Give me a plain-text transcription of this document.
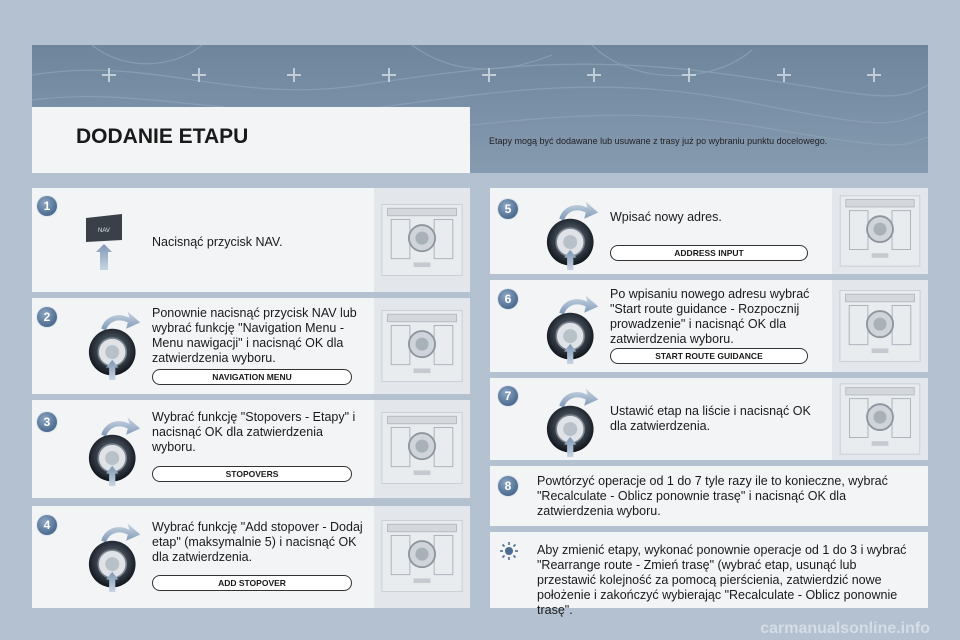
DODANIE ETAPU	Etapy mogą być dodawane lub usuwane z trasy już po wybraniu punktu docelowego.
1
NAV
Nacisnąć przycisk NAV.
2	Ponownie nacisnąć przycisk NAV lub wybrać funkcję "Navigation Menu - Menu nawigacji" i nacisnąć OK dla zatwierdzenia wyboru.
NAVIGATION MENU
3	Wybrać funkcję "Stopovers - Etapy" i nacisnąć OK dla zatwierdzenia wyboru.
STOPOVERS
4	Wybrać funkcję "Add stopover - Dodaj etap" (maksymalnie 5) i nacisnąć OK dla zatwierdzenia.
ADD STOPOVER
5
Wpisać nowy adres.
ADDRESS INPUT
6	Po wpisaniu nowego adresu wybrać "Start route guidance - Rozpocznij prowadzenie" i nacisnąć OK dla zatwierdzenia wyboru.
START ROUTE GUIDANCE
7
Ustawić etap na liście i nacisnąć OK dla zatwierdzenia.
8	Powtórzyć operacje od 1 do 7 tyle razy ile to konieczne, wybrać "Recalculate - Oblicz ponownie trasę" i nacisnąć OK dla zatwierdzenia wyboru.
Aby zmienić etapy, wykonać ponownie operacje od 1 do 3 i wybrać "Rearrange route - Zmień trasę" (wybrać etap, usunąć lub przestawić kolejność za pomocą pierścienia, zatwierdzić nowe położenie i zakończyć wybierając "Recalculate - Oblicz ponownie trasę".
carmanualsonline.info
